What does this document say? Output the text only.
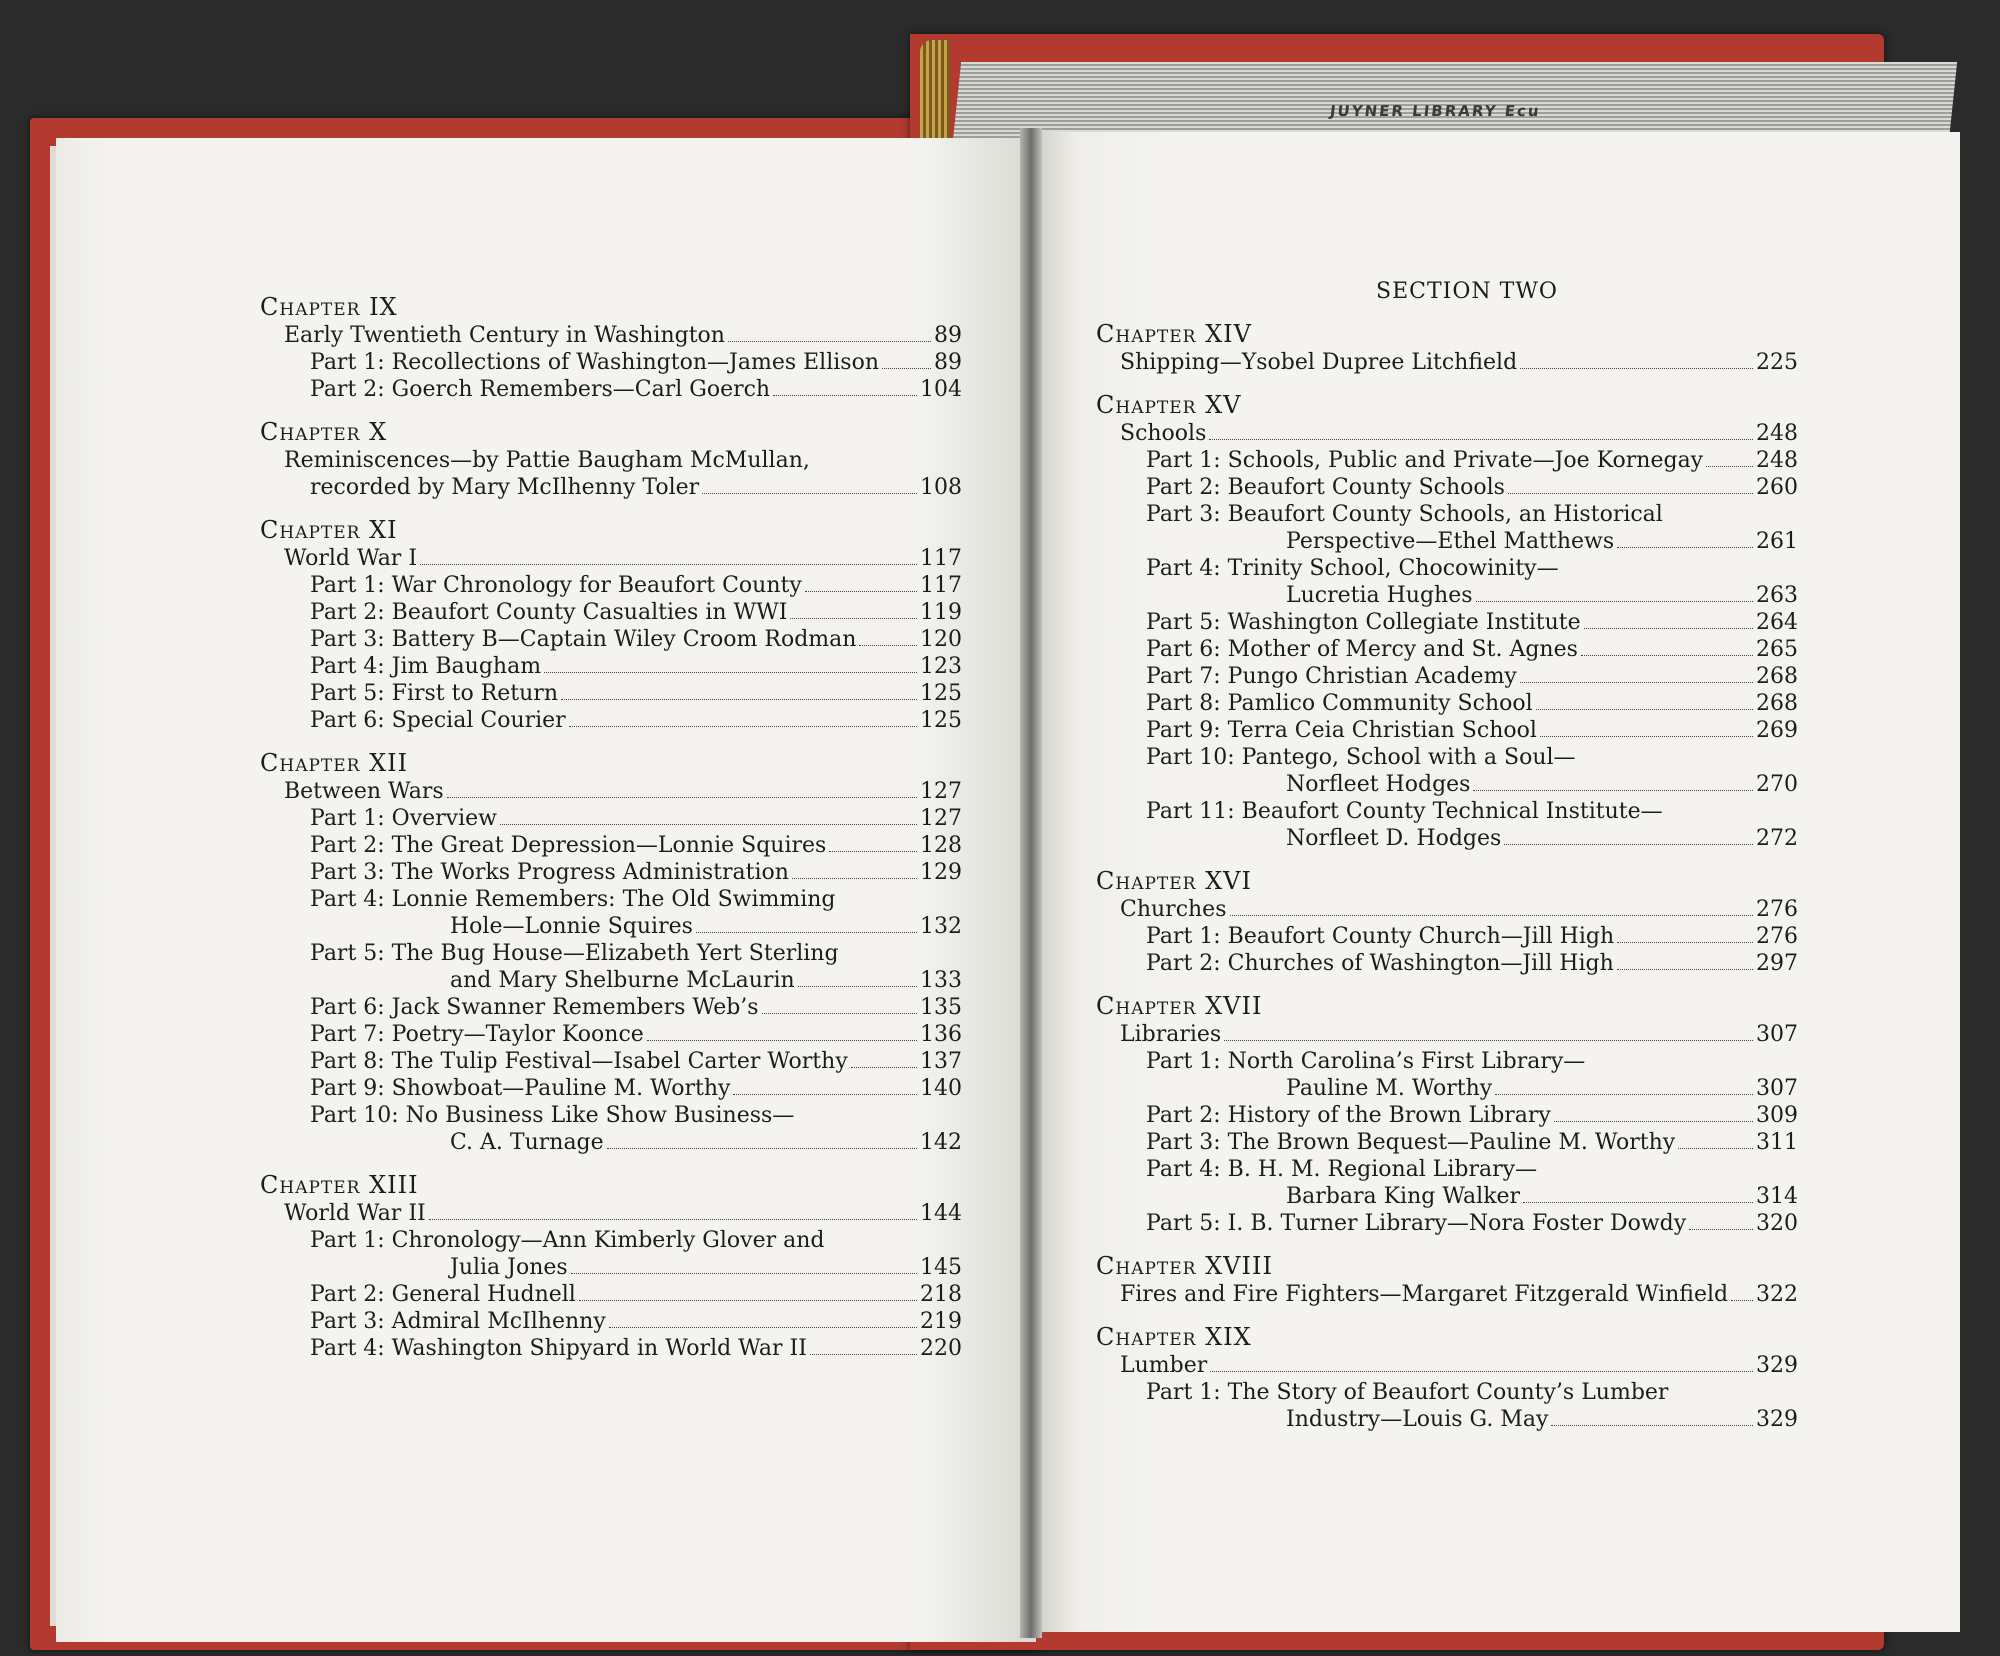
JUYNER LIBRARY Ecu
Chapter IX
Early Twentieth Century in Washington	89
Part 1: Recollections of Washington—James Ellison	89
Part 2: Goerch Remembers—Carl Goerch	104
Chapter X
Reminiscences—by Pattie Baugham McMullan,
recorded by Mary McIlhenny Toler	108
Chapter XI
World War I	117
Part 1: War Chronology for Beaufort County	117
Part 2: Beaufort County Casualties in WWI	119
Part 3: Battery B—Captain Wiley Croom Rodman	120
Part 4: Jim Baugham	123
Part 5: First to Return	125
Part 6: Special Courier	125
Chapter XII
Between Wars	127
Part 1: Overview	127
Part 2: The Great Depression—Lonnie Squires	128
Part 3: The Works Progress Administration	129
Part 4: Lonnie Remembers: The Old Swimming
Hole—Lonnie Squires	132
Part 5: The Bug House—Elizabeth Yert Sterling
and Mary Shelburne McLaurin	133
Part 6: Jack Swanner Remembers Web’s	135
Part 7: Poetry—Taylor Koonce	136
Part 8: The Tulip Festival—Isabel Carter Worthy	137
Part 9: Showboat—Pauline M. Worthy	140
Part 10: No Business Like Show Business—
C. A. Turnage	142
Chapter XIII
World War II	144
Part 1: Chronology—Ann Kimberly Glover and
Julia Jones	145
Part 2: General Hudnell	218
Part 3: Admiral McIlhenny	219
Part 4: Washington Shipyard in World War II	220
SECTION TWO
Chapter XIV
Shipping—Ysobel Dupree Litchfield	225
Chapter XV
Schools	248
Part 1: Schools, Public and Private—Joe Kornegay 248
Part 2: Beaufort County Schools	260
Part 3: Beaufort County Schools, an Historical
Perspective—Ethel Matthews	261
Part 4: Trinity School, Chocowinity—
Lucretia Hughes	263
Part 5: Washington Collegiate Institute	264
Part 6: Mother of Mercy and St. Agnes	265
Part 7: Pungo Christian Academy	268
Part 8: Pamlico Community School	268
Part 9: Terra Ceia Christian School	269
Part 10: Pantego, School with a Soul—
Norfleet Hodges	270
Part 11: Beaufort County Technical Institute—
Norfleet D. Hodges	272
Chapter XVI
Churches	276
Part 1: Beaufort County Church—Jill High	276
Part 2: Churches of Washington—Jill High	297
Chapter XVII
Libraries	307
Part 1: North Carolina’s First Library—
Pauline M. Worthy	307
Part 2: History of the Brown Library	309
Part 3: The Brown Bequest—Pauline M. Worthy	311
Part 4: B. H. M. Regional Library—
Barbara King Walker	314
Part 5: I. B. Turner Library—Nora Foster Dowdy	320
Chapter XVIII
Fires and Fire Fighters—Margaret Fitzgerald Winfield 322
Chapter XIX
Lumber	329
Part 1: The Story of Beaufort County’s Lumber
Industry—Louis G. May	329
